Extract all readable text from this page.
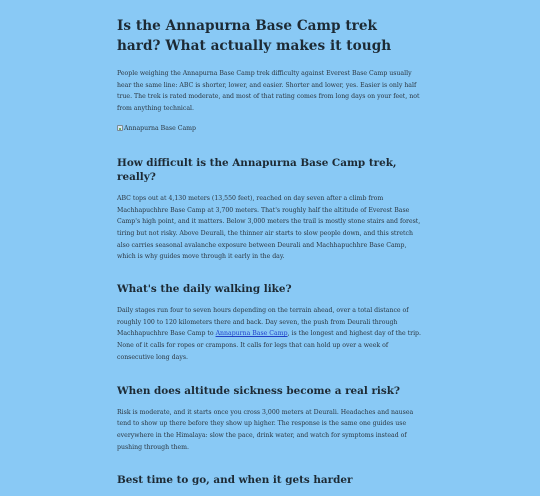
Is the Annapurna Base Camp trek hard? What actually makes it tough

People weighing the Annapurna Base Camp trek difficulty against Everest Base Camp usually hear the same line: ABC is shorter, lower, and easier. Shorter and lower, yes. Easier is only half true. The trek is rated moderate, and most of that rating comes from long days on your feet, not from anything technical.

Annapurna Base Camp
How difficult is the Annapurna Base Camp trek, really?

ABC tops out at 4,130 meters (13,550 feet), reached on day seven after a climb from Machhapuchhre Base Camp at 3,700 meters. That's roughly half the altitude of Everest Base Camp's high point, and it matters. Below 3,000 meters the trail is mostly stone stairs and forest, tiring but not risky. Above Deurali, the thinner air starts to slow people down, and this stretch also carries seasonal avalanche exposure between Deurali and Machhapuchhre Base Camp, which is why guides move through it early in the day.

What's the daily walking like?

Daily stages run four to seven hours depending on the terrain ahead, over a total distance of roughly 100 to 120 kilometers there and back. Day seven, the push from Deurali through Machhapuchhre Base Camp to Annapurna Base Camp, is the longest and highest day of the trip. None of it calls for ropes or crampons. It calls for legs that can hold up over a week of consecutive long days.

When does altitude sickness become a real risk?

Risk is moderate, and it starts once you cross 3,000 meters at Deurali. Headaches and nausea tend to show up there before they show up higher. The response is the same one guides use everywhere in the Himalaya: slow the pace, drink water, and watch for symptoms instead of pushing through them.

Best time to go, and when it gets harder
